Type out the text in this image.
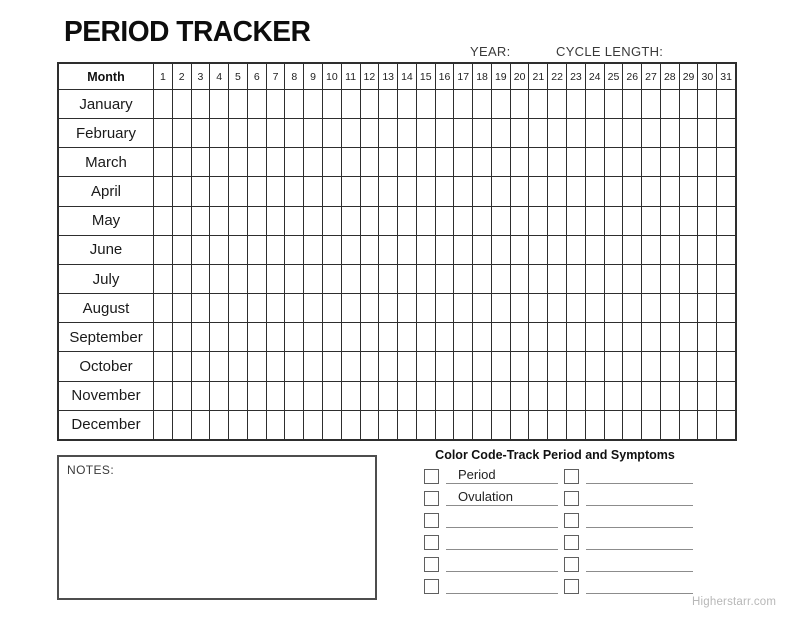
PERIOD TRACKER
YEAR:	CYCLE LENGTH:
Month	1	2	3	4	5	6	7	8	9 10 11 12 13 14 15 16 17 18 19 20 21 22 23 24 25 26 27 28 29 30 31
January
February
March
April
May
June
July
August
September
October
November
December
NOTES:
Color Code-Track Period and Symptoms
Period
Ovulation
Higherstarr.com
